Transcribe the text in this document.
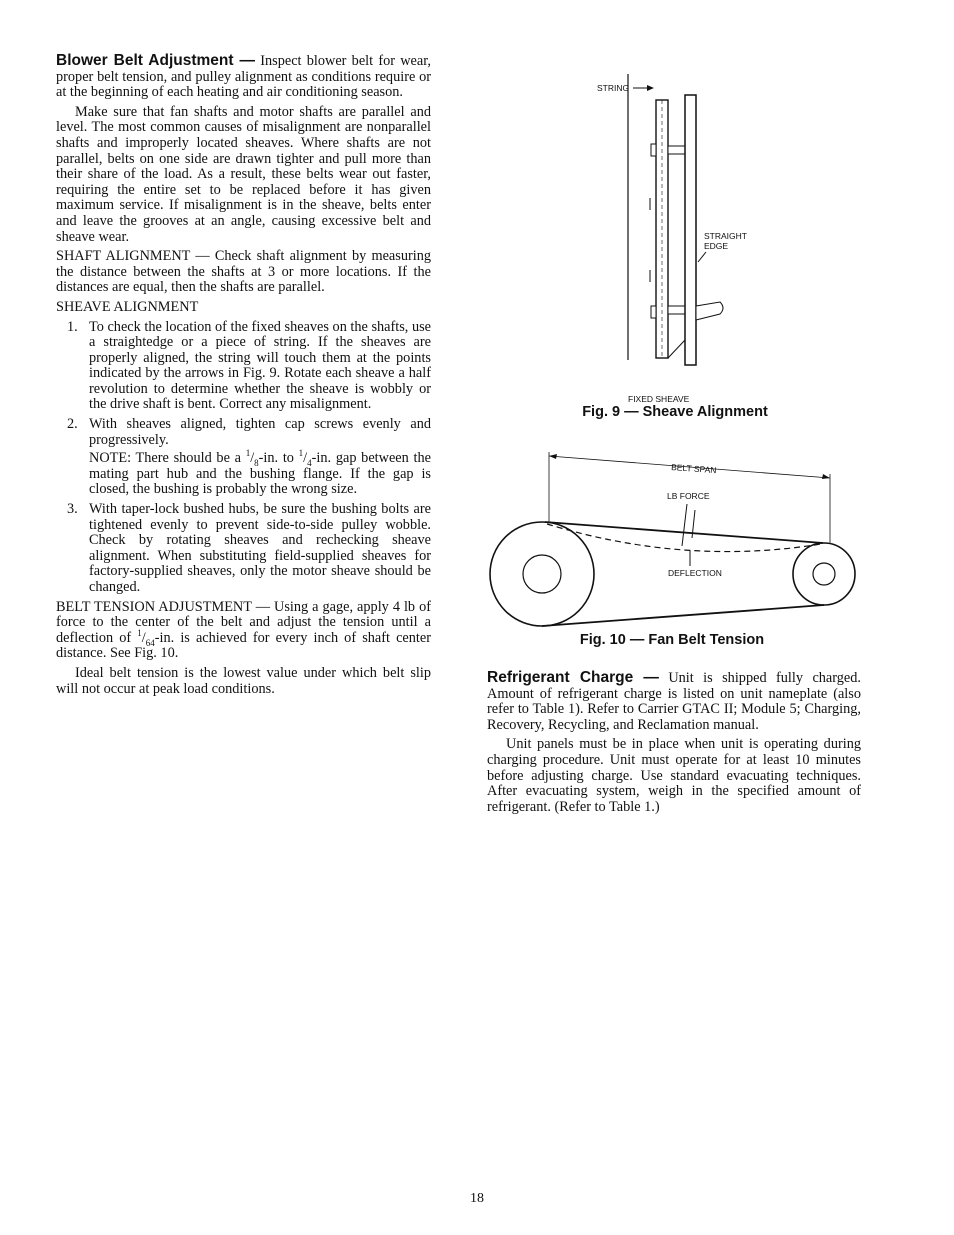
Blower Belt Adjustment — Inspect blower belt for wear, proper belt tension, and pulley alignment as conditions require or at the beginning of each heating and air conditioning season.

Make sure that fan shafts and motor shafts are parallel and level. The most common causes of misalignment are nonparallel shafts and improperly located sheaves. Where shafts are not parallel, belts on one side are drawn tighter and pull more than their share of the load. As a result, these belts wear out faster, requiring the entire set to be replaced before it has given maximum service. If misalignment is in the sheave, belts enter and leave the grooves at an angle, causing excessive belt and sheave wear.

SHAFT ALIGNMENT — Check shaft alignment by measuring the distance between the shafts at 3 or more locations. If the distances are equal, then the shafts are parallel.

SHEAVE ALIGNMENT

1. To check the location of the fixed sheaves on the shafts, use a straightedge or a piece of string. If the sheaves are properly aligned, the string will touch them at the points indicated by the arrows in Fig. 9. Rotate each sheave a half revolution to determine whether the sheave is wobbly or the drive shaft is bent. Correct any misalignment.
2. With sheaves aligned, tighten cap screws evenly and progressively.
NOTE: There should be a $^1/_8-in$. to $^1/_4-in$. gap between the mating part hub and the bushing flange. If the gap is closed, the bushing is probably the wrong size.
3. With taper-lock bushed hubs, be sure the bushing bolts are tightened evenly to prevent side-to-side pulley wobble. Check by rotating sheaves and rechecking sheave alignment. When substituting field-supplied sheaves for factory-supplied sheaves, only the motor sheave should be changed.

BELT TENSION ADJUSTMENT — Using a gage, apply 4 lb of force to the center of the belt and adjust the tension until a deflection of $^1/_{64}-in$. is achieved for every inch of shaft center distance. See Fig. 10.

Ideal belt tension is the lowest value under which belt slip will not occur at peak load conditions.

STRING
STRAIGHT
EDGE
FIXED SHEAVE
Fig. 9 — Sheave Alignment
BELT SPAN
LB FORCE
DEFLECTION
Fig. 10 — Fan Belt Tension

Refrigerant Charge — Unit is shipped fully charged. Amount of refrigerant charge is listed on unit nameplate (also refer to Table 1). Refer to Carrier GTAC II; Module 5; Charging, Recovery, Recycling, and Reclamation manual.

Unit panels must be in place when unit is operating during charging procedure. Unit must operate for at least 10 minutes before adjusting charge. Use standard evacuating techniques. After evacuating system, weigh in the specified amount of refrigerant. (Refer to Table 1.)

18
